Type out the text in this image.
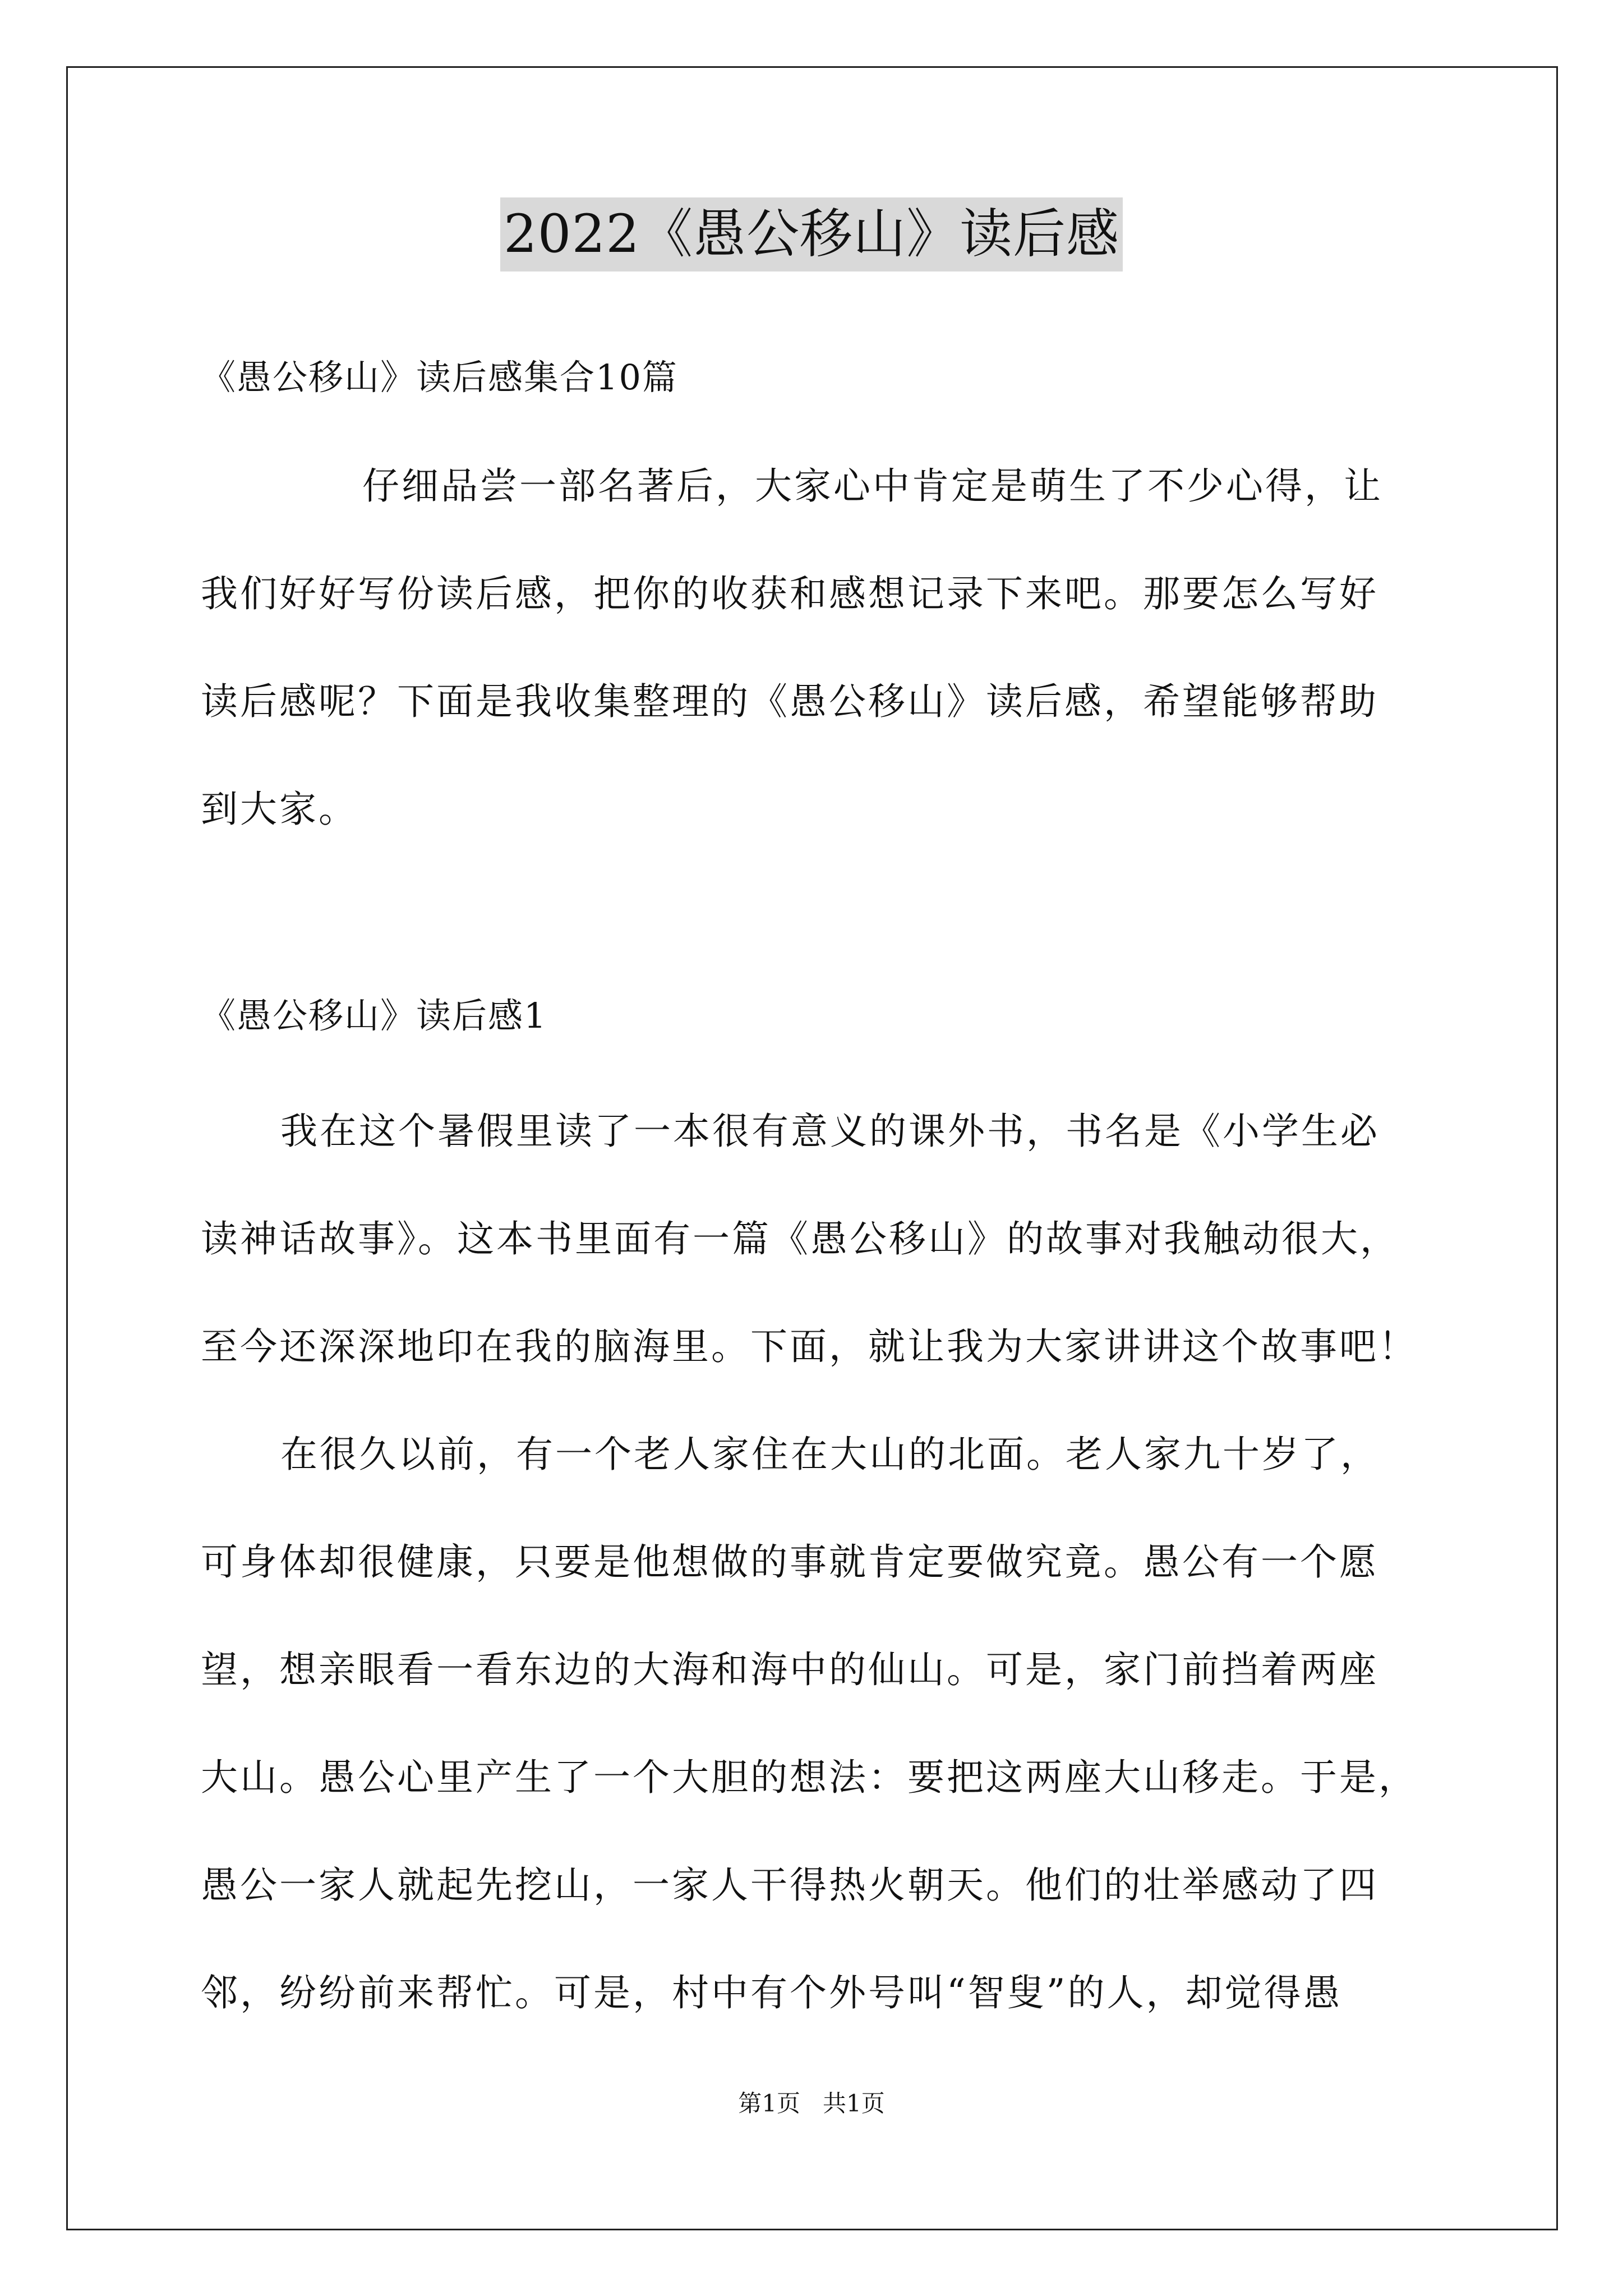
2022《愚公移山》读后感
《愚公移山》读后感集合10篇
仔细品尝一部名著后，大家心中肯定是萌生了不少心得，让
我们好好写份读后感，把你的收获和感想记录下来吧。那要怎么写好
读后感呢？下面是我收集整理的《愚公移山》读后感，希望能够帮助
到大家。
《愚公移山》读后感1
我在这个暑假里读了一本很有意义的课外书，书名是《小学生必
读神话故事》。这本书里面有一篇《愚公移山》的故事对我触动很大，
至今还深深地印在我的脑海里。下面，就让我为大家讲讲这个故事吧！
在很久以前，有一个老人家住在大山的北面。老人家九十岁了，
可身体却很健康，只要是他想做的事就肯定要做究竟。愚公有一个愿
望，想亲眼看一看东边的大海和海中的仙山。可是，家门前挡着两座
大山。愚公心里产生了一个大胆的想法：要把这两座大山移走。于是，
愚公一家人就起先挖山，一家人干得热火朝天。他们的壮举感动了四
邻，纷纷前来帮忙。可是，村中有个外号叫“智叟”的人，却觉得愚
第1页 共1页
